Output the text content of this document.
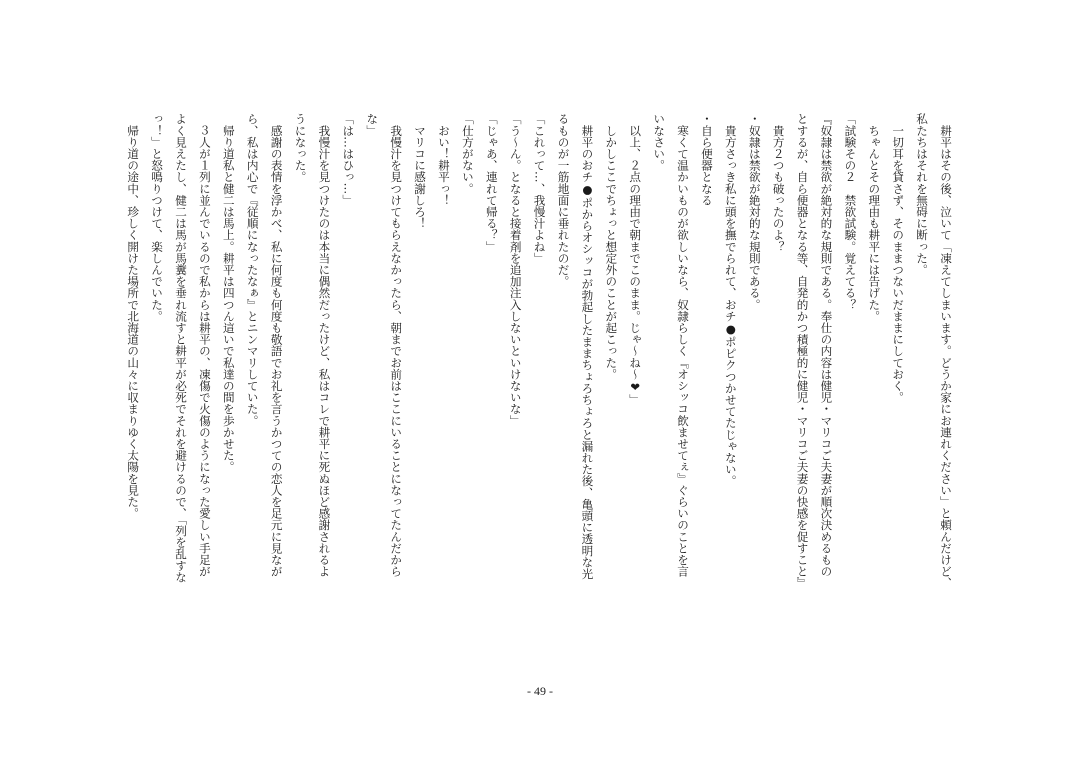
　耕平はその後、泣いて「凍えてしまいます。どうか家にお連れください」と頼んだけど、
私たちはそれを無碍に断った。
　一切耳を貸さず、そのままつないだままにしておく。
　ちゃんとその理由も耕平には告げた。
「試験その２　禁欲試験。覚えてる？
『奴隷は禁欲が絶対的な規則である。奉仕の内容は健児・マリコご夫妻が順次決めるもの
とするが、自ら便器となる等、自発的かつ積極的に健児・マリコご夫妻の快感を促すこと』
　貴方２つも破ったのよ？
・奴隷は禁欲が絶対的な規則である。
　貴方さっき私に頭を撫でられて、おチ●ポピクつかせてたじゃない。
・自ら便器となる
　寒くて温かいものが欲しいなら、奴隷らしく『オシッコ飲ませてぇ』ぐらいのことを言
いなさい。
　以上、２点の理由で朝までこのまま。じゃ～ね～❤」
　しかしここでちょっと想定外のことが起こった。
　耕平のおチ●ポからオシッコが勃起したままちょろちょろと漏れた後、亀頭に透明な光
るものが一筋地面に垂れたのだ。
「これって…、我慢汁よね」
「う～ん。となると接着剤を追加注入しないといけないな」
「じゃあ、連れて帰る？」
「仕方がない。
　おい！耕平っ！
　マリコに感謝しろ！
　我慢汁を見つけてもらえなかったら、朝までお前はここにいることになってたんだから
な」
「は…はひっ…」
　我慢汁を見つけたのは本当に偶然だったけど、私はコレで耕平に死ぬほど感謝されるよ
うになった。
　感謝の表情を浮かべ、私に何度も何度も敬語でお礼を言うかつての恋人を足元に見なが
ら、私は内心で『従順になったなぁ』とニンマリしていた。
　帰り道私と健二は馬上。耕平は四つん這いで私達の間を歩かせた。
　３人が１列に並んでいるので私からは耕平の、凍傷で火傷のようになった愛しい手足が
よく見えたし、健二は馬が馬糞を垂れ流すと耕平が必死でそれを避けるので、「列を乱すな
っ！」と怒鳴りつけて、楽しんでいた。
　帰り道の途中、珍しく開けた場所で北海道の山々に収まりゆく太陽を見た。
- 49 -
